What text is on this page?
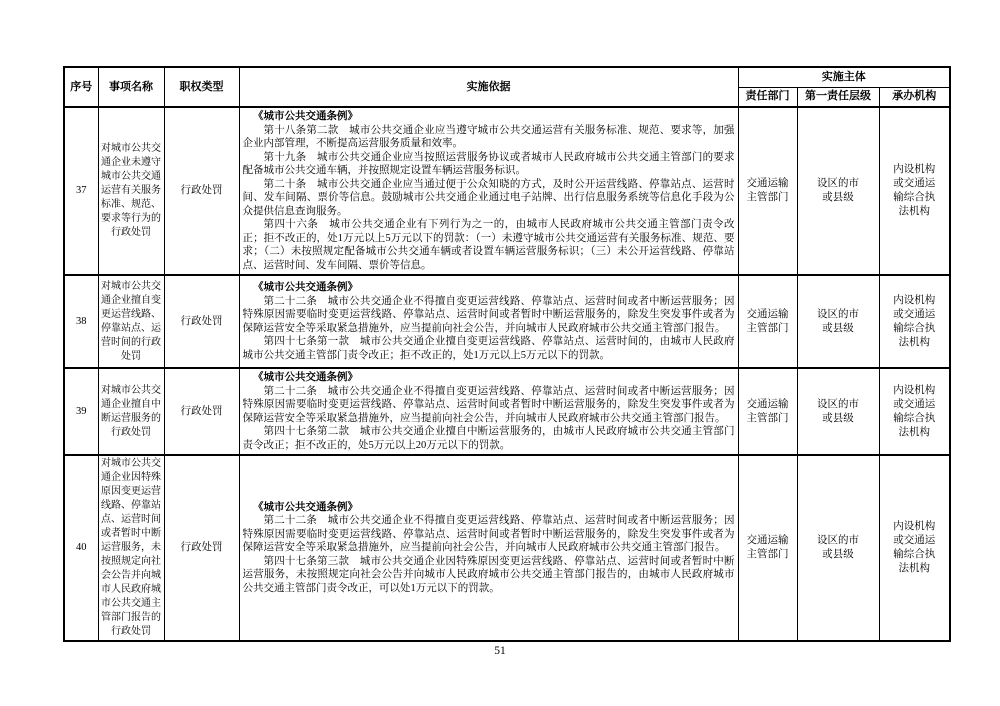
序号	事项名称	职权类型	实施依据	实施主体		
				责任部门	第一责任层级	承办机构
37	对城市公共交通企业未遵守城市公共交通运营有关服务标准、规范、要求等行为的行政处罚	行政处罚	《城市公共交通条例》

第十八条第二款　城市公共交通企业应当遵守城市公共交通运营有关服务标准、规范、要求等，加强企业内部管理，不断提高运营服务质量和效率。

第十九条　城市公共交通企业应当按照运营服务协议或者城市人民政府城市公共交通主管部门的要求配备城市公共交通车辆，并按照规定设置车辆运营服务标识。

第二十条　城市公共交通企业应当通过便于公众知晓的方式，及时公开运营线路、停靠站点、运营时间、发车间隔、票价等信息。鼓励城市公共交通企业通过电子站牌、出行信息服务系统等信息化手段为公众提供信息查询服务。

第四十六条　城市公共交通企业有下列行为之一的，由城市人民政府城市公共交通主管部门责令改正；拒不改正的，处1万元以上5万元以下的罚款：（一）未遵守城市公共交通运营有关服务标准、规范、要求；（二）未按照规定配备城市公共交通车辆或者设置车辆运营服务标识；（三）未公开运营线路、停靠站点、运营时间、发车间隔、票价等信息。	交通运输主管部门	设区的市或县级	内设机构或交通运输综合执法机构
38	对城市公共交通企业擅自变更运营线路、停靠站点、运营时间的行政处罚	行政处罚	《城市公共交通条例》

第二十二条　城市公共交通企业不得擅自变更运营线路、停靠站点、运营时间或者中断运营服务；因特殊原因需要临时变更运营线路、停靠站点、运营时间或者暂时中断运营服务的，除发生突发事件或者为保障运营安全等采取紧急措施外，应当提前向社会公告，并向城市人民政府城市公共交通主管部门报告。

第四十七条第一款　城市公共交通企业擅自变更运营线路、停靠站点、运营时间的，由城市人民政府城市公共交通主管部门责令改正；拒不改正的，处1万元以上5万元以下的罚款。	交通运输主管部门	设区的市或县级	内设机构或交通运输综合执法机构
39	对城市公共交通企业擅自中断运营服务的行政处罚	行政处罚	《城市公共交通条例》

第二十二条　城市公共交通企业不得擅自变更运营线路、停靠站点、运营时间或者中断运营服务；因特殊原因需要临时变更运营线路、停靠站点、运营时间或者暂时中断运营服务的，除发生突发事件或者为保障运营安全等采取紧急措施外，应当提前向社会公告，并向城市人民政府城市公共交通主管部门报告。

第四十七条第二款　城市公共交通企业擅自中断运营服务的，由城市人民政府城市公共交通主管部门责令改正；拒不改正的，处5万元以上20万元以下的罚款。	交通运输主管部门	设区的市或县级	内设机构或交通运输综合执法机构
40	对城市公共交通企业因特殊原因变更运营线路、停靠站点、运营时间或者暂时中断运营服务，未按照规定向社会公告并向城市人民政府城市公共交通主管部门报告的行政处罚	行政处罚	《城市公共交通条例》

第二十二条　城市公共交通企业不得擅自变更运营线路、停靠站点、运营时间或者中断运营服务；因特殊原因需要临时变更运营线路、停靠站点、运营时间或者暂时中断运营服务的，除发生突发事件或者为保障运营安全等采取紧急措施外，应当提前向社会公告，并向城市人民政府城市公共交通主管部门报告。

第四十七条第三款　城市公共交通企业因特殊原因变更运营线路、停靠站点、运营时间或者暂时中断运营服务，未按照规定向社会公告并向城市人民政府城市公共交通主管部门报告的，由城市人民政府城市公共交通主管部门责令改正，可以处1万元以下的罚款。	交通运输主管部门	设区的市或县级	内设机构或交通运输综合执法机构
51
